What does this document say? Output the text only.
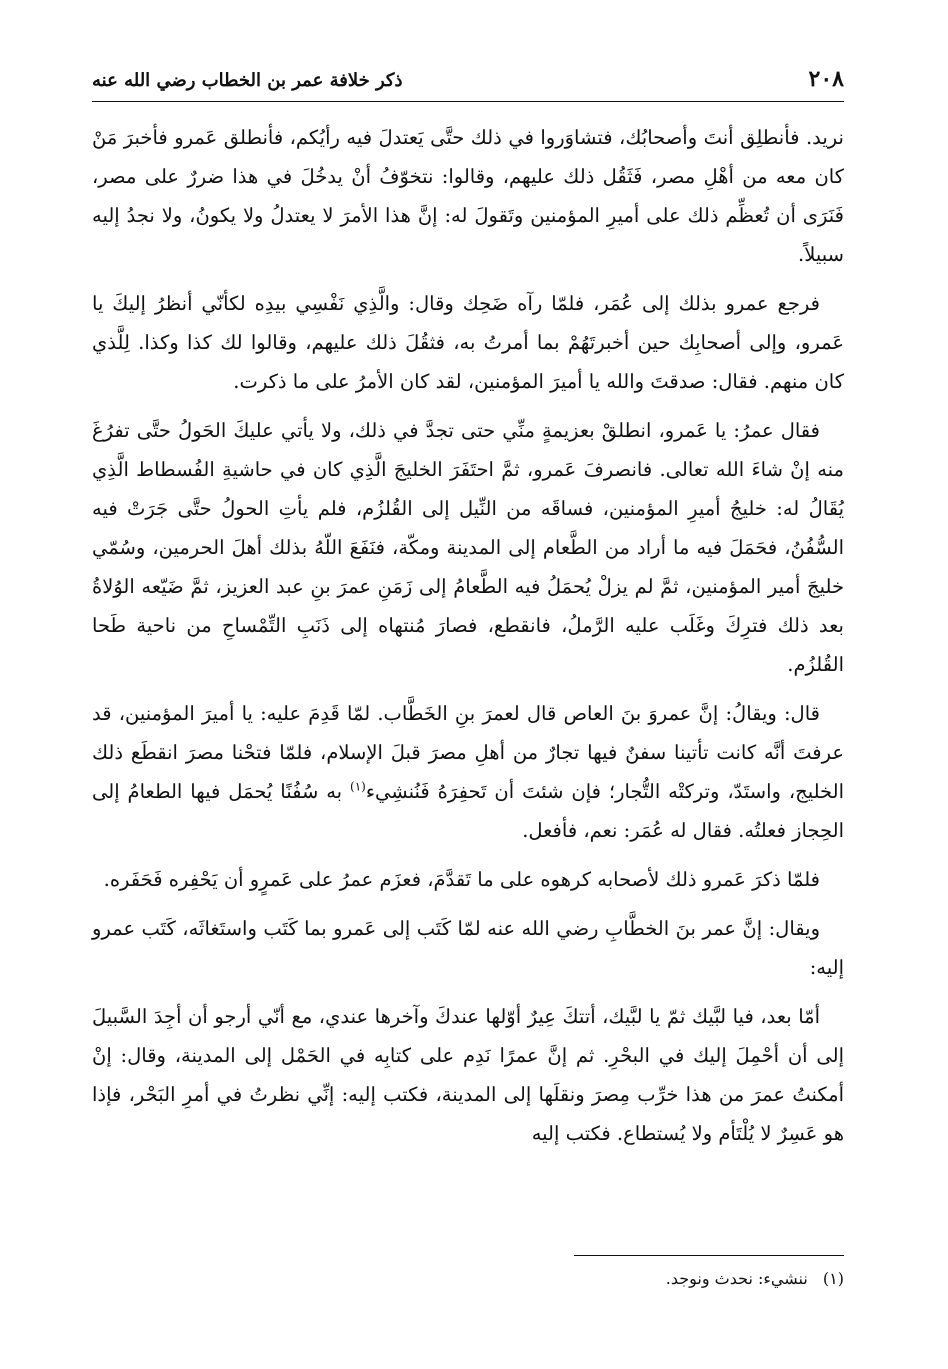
٢٠٨
ذكر خلافة عمر بن الخطاب رضي الله عنه

نريد. فأنطلِق أنتَ وأصحابُك، فتشاوَروا في ذلك حتَّى يَعتدلَ فيه رأيُكم، فأنطلق عَمرو فأخبرَ مَنْ كان معه من أهْلِ مصر، فَثَقُل ذلك عليهم، وقالوا: نتخوّفُ أنْ يدخُلَ في هذا ضررٌ على مصر، فَنَرَى أن تُعظِّم ذلك على أميرِ المؤمنين وتَقولَ له: إنَّ هذا الأمرَ لا يعتدلُ ولا يكونُ، ولا نجدُ إليه سبيلاً.

فرجع عمرو بذلك إلى عُمَر، فلمّا رآه ضَحِك وقال: والَّذِي نَفْسِي بيدِه لكأنّي أنظرُ إليكَ يا عَمرو، وإلى أصحابِك حين أخبرتَهُمْ بما أمرتُ به، فثقُلَ ذلك عليهم، وقالوا لك كذا وكذا. لِلَّذي كان منهم. فقال: صدقتَ والله يا أميرَ المؤمنين، لقد كان الأمرُ على ما ذكرت.

فقال عمرُ: يا عَمرو، انطلقْ بعزيمةٍ منِّي حتى تجدَّ في ذلك، ولا يأتي عليكَ الحَولُ حتَّى تفرُغَ منه إنْ شاءَ الله تعالى. فانصرفَ عَمرو، ثمَّ احتَفَرَ الخليجَ الَّذِي كان في حاشيةِ الفُسطاط الَّذِي يُقَالُ له: خليجُ أميرِ المؤمنين، فساقَه من النِّيل إلى القُلزُم، فلم يأتِ الحولُ حتَّى جَرَتْ فيه السُّفُنُ، فحَمَلَ فيه ما أراد من الطَّعام إلى المدينة ومكّة، فنَفَعَ اللّهُ بذلك أهلَ الحرمين، وسُمّي خليجَ أمير المؤمنين، ثمَّ لم يزلْ يُحمَلُ فيه الطَّعامُ إلى زَمَنِ عمرَ بنِ عبد العزيز، ثمَّ ضَيّعه الوُلاةُ بعد ذلك فترِكَ وغَلَب عليه الرَّملُ، فانقطع، فصارَ مُنتهاه إلى ذَنَبِ التِّمْساحِ من ناحية طَحا القُلزُم.

قال: ويقالُ: إنَّ عمروَ بنَ العاص قال لعمرَ بنِ الخَطَّاب. لمّا قَدِمَ عليه: يا أميرَ المؤمنين، قد عرفتَ أنَّه كانت تأتينا سفنٌ فيها تجارٌ من أهلِ مصرَ قبلَ الإسلام، فلمّا فتحْنا مصرَ انقطَع ذلك الخليج، واستَدّ، وتركتْه التُّجار؛ فإن شئتَ أن تَحفِرَهُ فَنُنشِيء$^{(١)}$ به سُفُنًا يُحمَل فيها الطعامُ إلى الحِجاز فعلتُه. فقال له عُمَر: نعم، فأفعل.

فلمّا ذكرَ عَمرو ذلك لأصحابه كرهوه على ما تَقدَّمَ، فعزَم عمرُ على عَمرٍو أن يَحْفِره فَحَفَره.

ويقال: إنَّ عمر بنَ الخطَّابِ رضي الله عنه لمّا كَتَب إلى عَمرو بما كَتَب واستَغاثَه، كَتَب عمرو إليه:

أمّا بعد، فيا لبَّيك ثمّ يا لبَّيك، أتتكَ عِيرٌ أوّلها عندكَ وآخرها عندي، مع أنّي أرجو أن أجِدَ السَّبيلَ إلى أن أحْمِلَ إليك في البحْرِ. ثم إنَّ عمرًا نَدِم على كتابِه في الحَمْل إلى المدينة، وقال: إنْ أمكنتُ عمرَ من هذا خرِّب مِصرَ ونقلَها إلى المدينة، فكتب إليه: إنِّي نظرتُ في أمرِ البَحْر، فإذا هو عَسِرٌ لا يُلْتَأم ولا يُستطاع. فكتب إليه

(١) ننشيء: نحدث ونوجد.
